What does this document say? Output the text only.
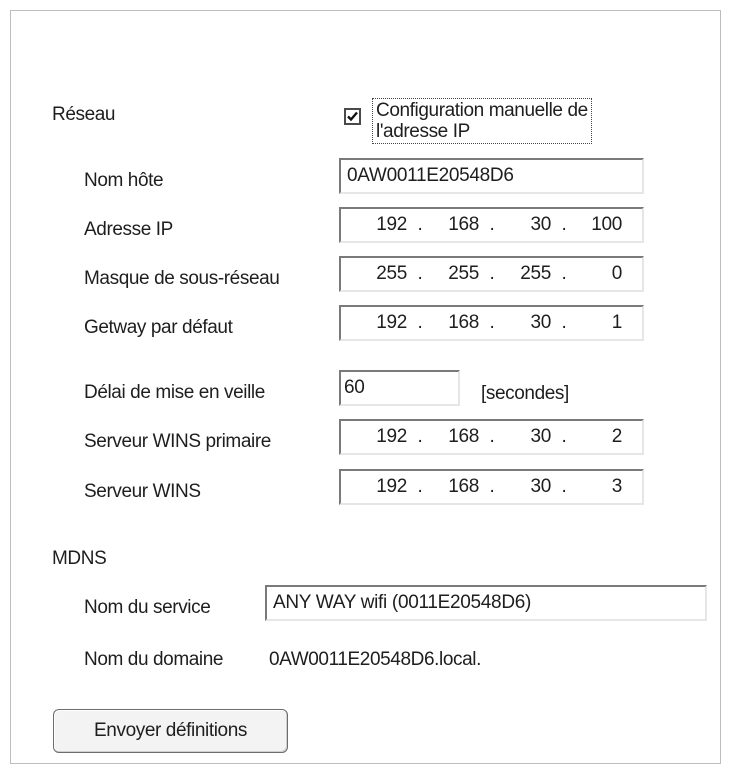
Réseau	Configuration manuelle de
l'adresse IP
Nom hôte	0AW0011E20548D6
Adresse IP	192 .	168 .	30 .	100
Masque de sous-réseau	255 .	255 .	255 .	0
Getway par défaut	192 .	168 .	30 .	1
Délai de mise en veille	60	[secondes]
Serveur WINS primaire	192 .	168 .	30 .	2
Serveur WINS	192 .	168 .	30 .	3
MDNS
Nom du service	ANY WAY wifi (0011E20548D6)
Nom du domaine 0AW0011E20548D6.local.
Envoyer définitions
